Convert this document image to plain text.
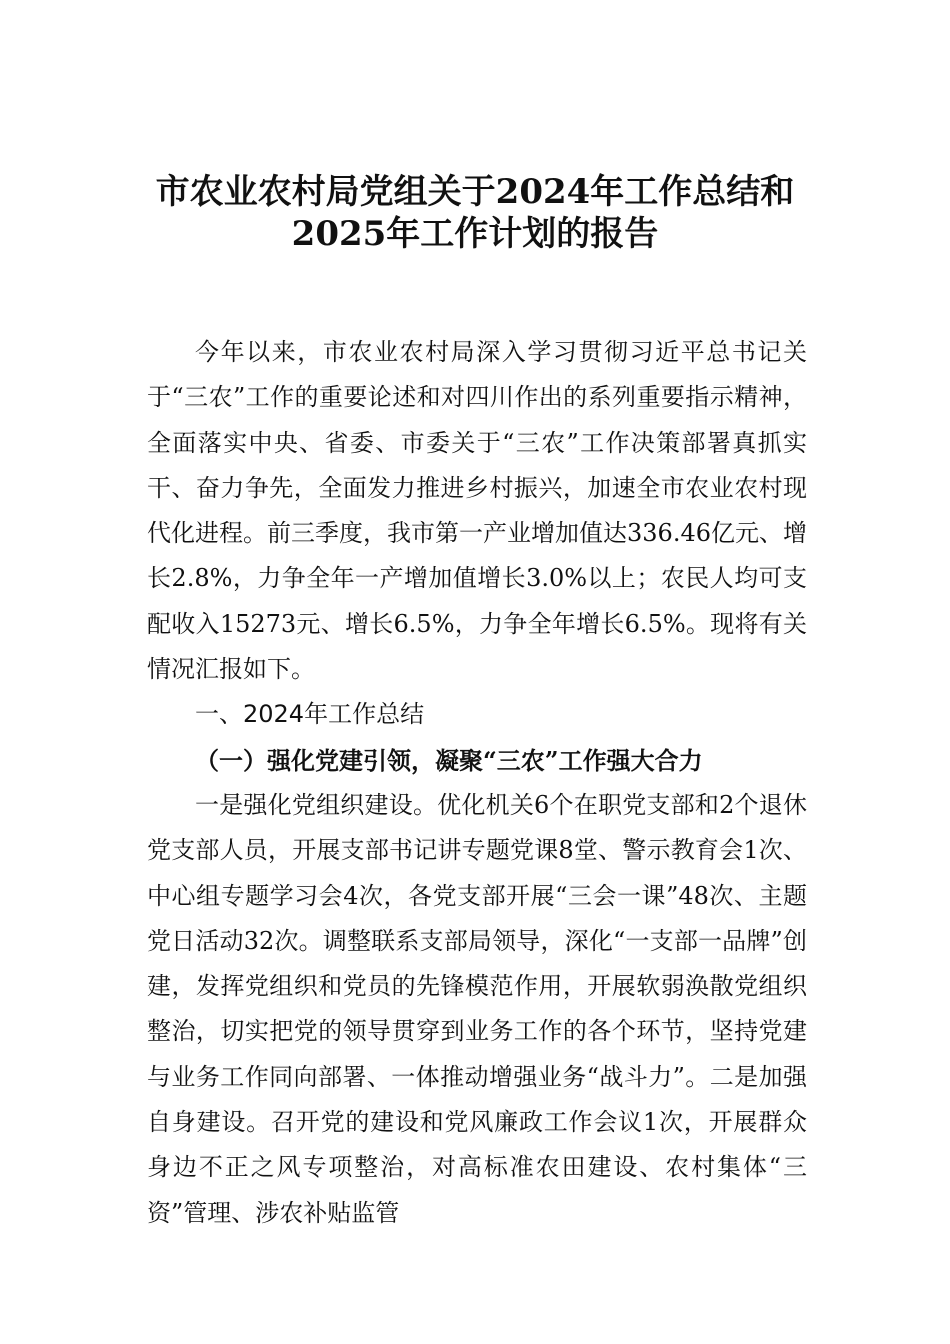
市农业农村局党组关于2024年工作总结和
2025年工作计划的报告

今年以来，市农业农村局深入学习贯彻习近平总书记关于“三农”工作的重要论述和对四川作出的系列重要指示精神，全面落实中央、省委、市委关于“三农”工作决策部署真抓实干、奋力争先，全面发力推进乡村振兴，加速全市农业农村现代化进程。前三季度，我市第一产业增加值达336.46亿元、增长2.8%，力争全年一产增加值增长3.0%以上；农民人均可支配收入15273元、增长6.5%，力争全年增长6.5%。现将有关情况汇报如下。

一、2024年工作总结

（一）强化党建引领，凝聚“三农”工作强大合力

一是强化党组织建设。优化机关6个在职党支部和2个退休党支部人员，开展支部书记讲专题党课8堂、警示教育会1次、中心组专题学习会4次，各党支部开展“三会一课”48次、主题党日活动32次。调整联系支部局领导，深化“一支部一品牌”创建，发挥党组织和党员的先锋模范作用，开展软弱涣散党组织整治，切实把党的领导贯穿到业务工作的各个环节，坚持党建与业务工作同向部署、一体推动增强业务“战斗力”。二是加强自身建设。召开党的建设和党风廉政工作会议1次，开展群众身边不正之风专项整治，对高标准农田建设、农村集体“三资”管理、涉农补贴监管
